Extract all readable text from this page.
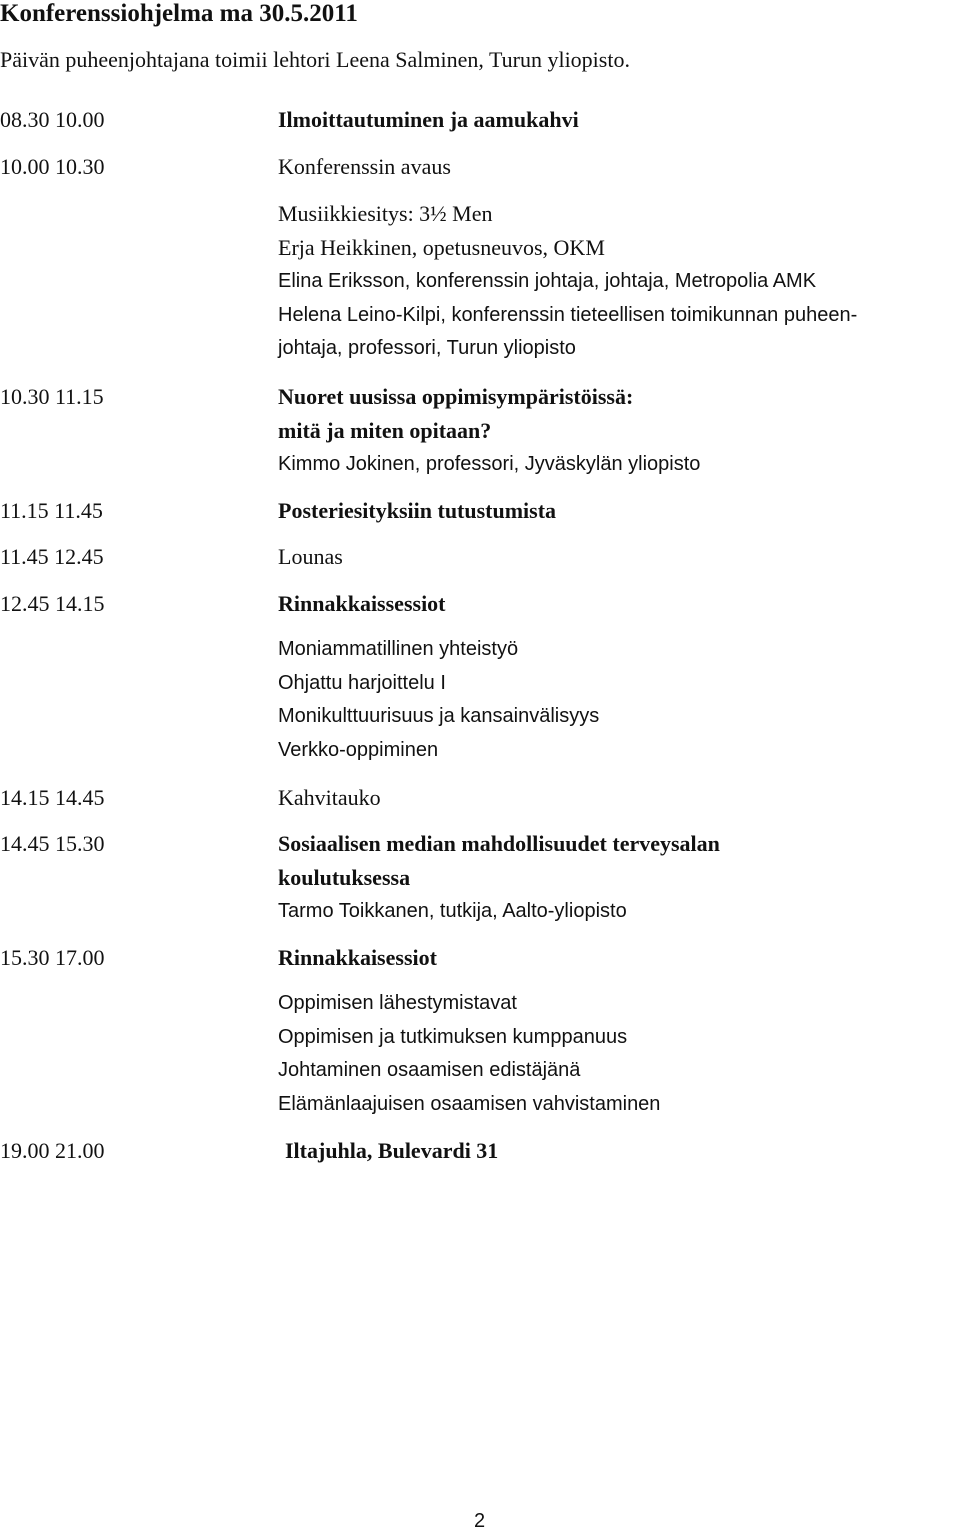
Konferenssiohjelma ma 30.5.2011
Päivän puheenjohtajana toimii lehtori Leena Salminen, Turun yliopisto.
08.30 10.00	Ilmoittautuminen ja aamukahvi
10.00 10.30	Konferenssin avaus
Musiikkiesitys: 3½ Men
Erja Heikkinen, opetusneuvos, OKM
Elina Eriksson, konferenssin johtaja, johtaja, Metropolia AMK
Helena Leino-Kilpi, konferenssin tieteellisen toimikunnan puheen-
johtaja, professori, Turun yliopisto
10.30 11.15	Nuoret uusissa oppimisympäristöissä:
mitä ja miten opitaan?
Kimmo Jokinen, professori, Jyväskylän yliopisto
11.15 11.45	Posteriesityksiin tutustumista
11.45 12.45	Lounas
12.45 14.15	Rinnakkaissessiot
Moniammatillinen yhteistyö
Ohjattu harjoittelu I
Monikulttuurisuus ja kansainvälisyys
Verkko-oppiminen
14.15 14.45	Kahvitauko
14.45 15.30	Sosiaalisen median mahdollisuudet terveysalan
koulutuksessa
Tarmo Toikkanen, tutkija, Aalto-yliopisto
15.30 17.00	Rinnakkaisessiot
Oppimisen lähestymistavat
Oppimisen ja tutkimuksen kumppanuus
Johtaminen osaamisen edistäjänä
Elämänlaajuisen osaamisen vahvistaminen
19.00 21.00	Iltajuhla, Bulevardi 31
2
